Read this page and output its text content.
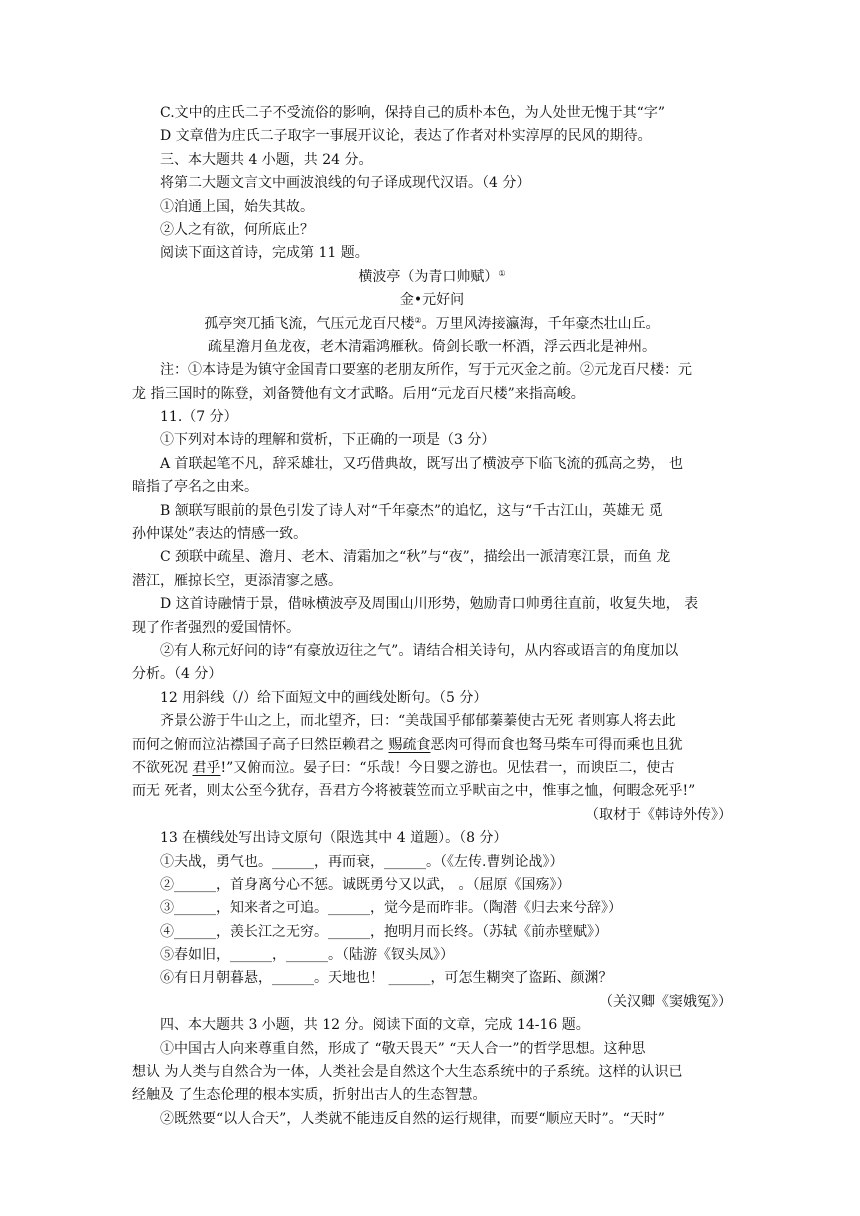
C.文中的庄氏二子不受流俗的影响，保持自己的质朴本色，为人处世无愧于其“字”
D 文章借为庄氏二子取字一事展开议论，表达了作者对朴实淳厚的民风的期待。
三、本大题共 4 小题，共 24 分。
将第二大题文言文中画波浪线的句子译成现代汉语。（4 分）
①洎通上国，始失其故。
②人之有欲，何所底止？
阅读下面这首诗，完成第 11 题。
横波亭（为青口帅赋）①
金•元好问
孤亭突兀插飞流，气压元龙百尺楼②。万里风涛接瀛海，千年豪杰壮山丘。
疏星澹月鱼龙夜，老木清霜鸿雁秋。倚剑长歌一杯酒，浮云西北是神州。
注：①本诗是为镇守金国青口要塞的老朋友所作，写于元灭金之前。②元龙百尺楼：元
龙 指三国时的陈登，刘备赞他有文才武略。后用“元龙百尺楼”来指高峻。
11.（7 分）
①下列对本诗的理解和赏析，下正确的一项是（3 分）
A 首联起笔不凡，辞采雄壮，又巧借典故，既写出了横波亭下临飞流的孤高之势， 也
暗指了亭名之由来。
B 颔联写眼前的景色引发了诗人对“千年豪杰”的追忆，这与“千古江山，英雄无 觅
孙仲谋处”表达的情感一致。
C 颈联中疏星、澹月、老木、清霜加之“秋”与“夜”，描绘出一派清寒江景，而鱼 龙
潜江，雁掠长空，更添清寥之感。
D 这首诗融情于景，借咏横波亭及周围山川形势，勉励青口帅勇往直前，收复失地， 表
现了作者强烈的爱国情怀。
②有人称元好问的诗“有豪放迈往之气”。请结合相关诗句，从内容或语言的角度加以
分析。（4 分）
12 用斜线（/）给下面短文中的画线处断句。（5 分）
齐景公游于牛山之上，而北望齐，曰：“美哉国乎郁郁蓁蓁使古无死 者则寡人将去此
而何之俯而泣沾襟国子高子曰然臣赖君之 赐疏食恶肉可得而食也驽马柴车可得而乘也且犹
不欲死况 君乎!”又俯而泣。晏子曰：“乐哉！今日婴之游也。见怯君一，而谀臣二，使古
而无 死者，则太公至今犹存，吾君方今将被蓑笠而立乎畎亩之中，惟事之恤，何暇念死乎!”
（取材于《韩诗外传》）
13 在横线处写出诗文原句（限选其中 4 道题）。（8 分）
①夫战，勇气也。______，再而衰，______。（《左传.曹刿论战》）
②______，首身离兮心不惩。诚既勇兮又以武， 。（屈原《国殇》）
③______，知来者之可追。______，觉今是而昨非。（陶潜《归去来兮辞》）
④______，羡长江之无穷。______，抱明月而长终。（苏轼《前赤壁赋》）
⑤春如旧，______，______。（陆游《钗头凤》）
⑥有日月朝暮悬，______。天地也！ ______，可怎生糊突了盗跖、颜渊？
（关汉卿《窦娥冤》）
四、本大题共 3 小题，共 12 分。阅读下面的文章，完成 14-16 题。
①中国古人向来尊重自然，形成了 “敬天畏天” “天人合一”的哲学思想。这种思
想认 为人类与自然合为一体，人类社会是自然这个大生态系统中的子系统。这样的认识已
经触及 了生态伦理的根本实质，折射出古人的生态智慧。
②既然要“以人合天”，人类就不能违反自然的运行规律，而要“顺应天时”。“天时”
